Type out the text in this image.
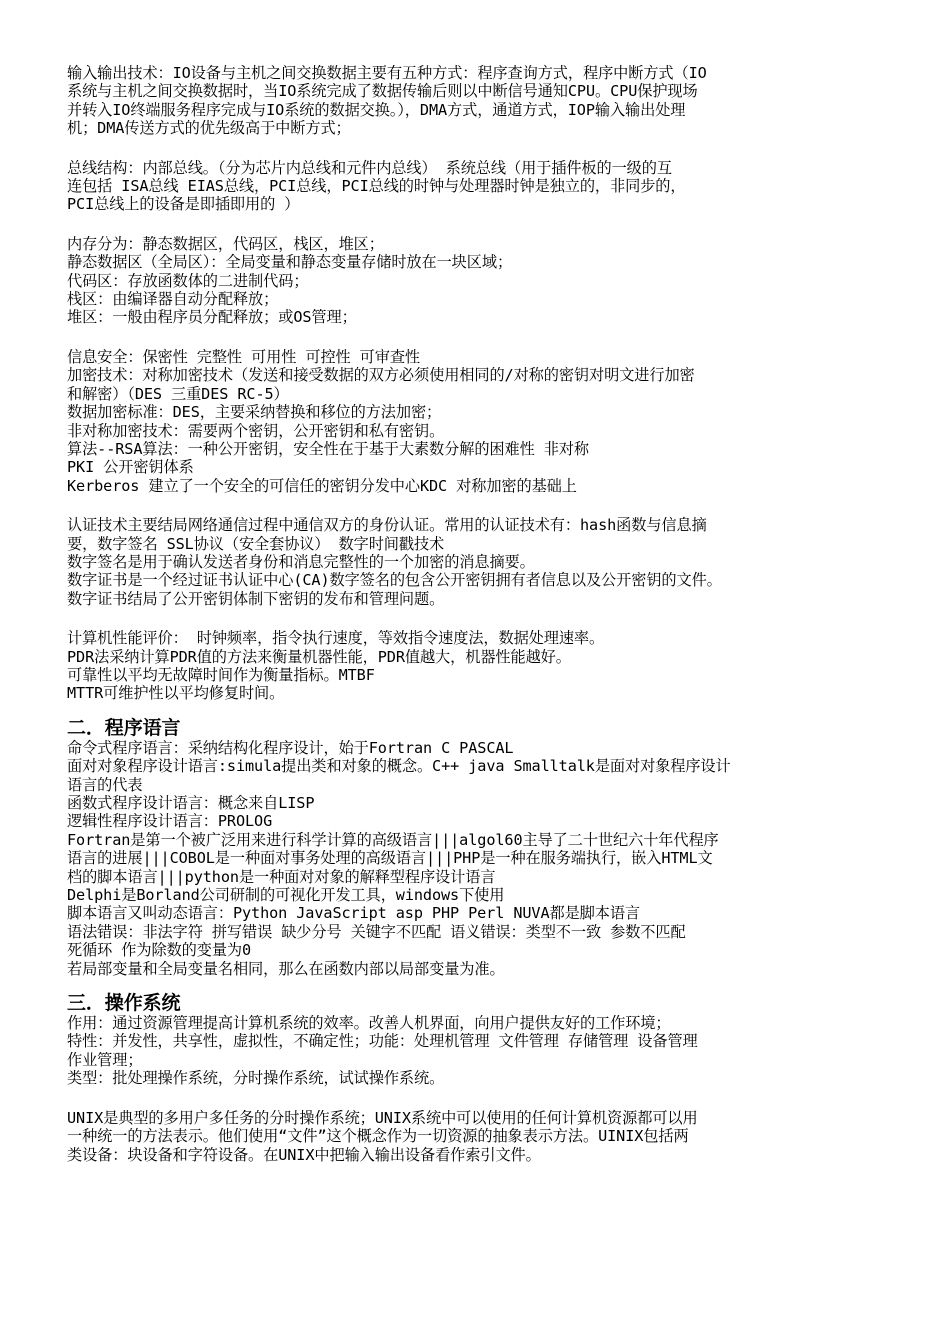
输入输出技术：IO设备与主机之间交换数据主要有五种方式：程序查询方式，程序中断方式（IO
系统与主机之间交换数据时，当IO系统完成了数据传输后则以中断信号通知CPU。CPU保护现场
并转入IO终端服务程序完成与IO系统的数据交换。），DMA方式，通道方式，IOP输入输出处理
机；DMA传送方式的优先级高于中断方式；
总线结构：内部总线。（分为芯片内总线和元件内总线） 系统总线（用于插件板的一级的互
连包括 ISA总线 EIAS总线，PCI总线，PCI总线的时钟与处理器时钟是独立的，非同步的，
PCI总线上的设备是即插即用的 ）
内存分为：静态数据区，代码区，栈区，堆区；
静态数据区（全局区）：全局变量和静态变量存储时放在一块区域；
代码区：存放函数体的二进制代码；
栈区：由编译器自动分配释放；
堆区：一般由程序员分配释放；或OS管理；
信息安全：保密性 完整性 可用性 可控性 可审查性
加密技术：对称加密技术（发送和接受数据的双方必须使用相同的/对称的密钥对明文进行加密
和解密）（DES 三重DES RC-5）
数据加密标准：DES，主要采纳替换和移位的方法加密；
非对称加密技术：需要两个密钥，公开密钥和私有密钥。
算法--RSA算法：一种公开密钥，安全性在于基于大素数分解的困难性 非对称
PKI 公开密钥体系
Kerberos 建立了一个安全的可信任的密钥分发中心KDC 对称加密的基础上
认证技术主要结局网络通信过程中通信双方的身份认证。常用的认证技术有：hash函数与信息摘
要，数字签名 SSL协议（安全套协议） 数字时间戳技术
数字签名是用于确认发送者身份和消息完整性的一个加密的消息摘要。
数字证书是一个经过证书认证中心(CA)数字签名的包含公开密钥拥有者信息以及公开密钥的文件。
数字证书结局了公开密钥体制下密钥的发布和管理问题。
计算机性能评价： 时钟频率，指令执行速度，等效指令速度法，数据处理速率。
PDR法采纳计算PDR值的方法来衡量机器性能，PDR值越大，机器性能越好。
可靠性以平均无故障时间作为衡量指标。MTBF
MTTR可维护性以平均修复时间。
二．程序语言
命令式程序语言：采纳结构化程序设计，始于Fortran C PASCAL
面对对象程序设计语言:simula提出类和对象的概念。C++ java Smalltalk是面对对象程序设计
语言的代表
函数式程序设计语言：概念来自LISP
逻辑性程序设计语言：PROLOG
Fortran是第一个被广泛用来进行科学计算的高级语言|||algol60主导了二十世纪六十年代程序
语言的进展|||COBOL是一种面对事务处理的高级语言|||PHP是一种在服务端执行，嵌入HTML文
档的脚本语言|||python是一种面对对象的解释型程序设计语言
Delphi是Borland公司研制的可视化开发工具，windows下使用
脚本语言又叫动态语言：Python JavaScript asp PHP Perl NUVA都是脚本语言
语法错误：非法字符 拼写错误 缺少分号 关键字不匹配 语义错误：类型不一致 参数不匹配
死循环 作为除数的变量为0
若局部变量和全局变量名相同，那么在函数内部以局部变量为准。
三．操作系统
作用：通过资源管理提高计算机系统的效率。改善人机界面，向用户提供友好的工作环境；
特性：并发性，共享性，虚拟性，不确定性；功能：处理机管理 文件管理 存储管理 设备管理
作业管理；
类型：批处理操作系统，分时操作系统，试试操作系统。
UNIX是典型的多用户多任务的分时操作系统；UNIX系统中可以使用的任何计算机资源都可以用
一种统一的方法表示。他们使用“文件”这个概念作为一切资源的抽象表示方法。UINIX包括两
类设备：块设备和字符设备。在UNIX中把输入输出设备看作索引文件。
